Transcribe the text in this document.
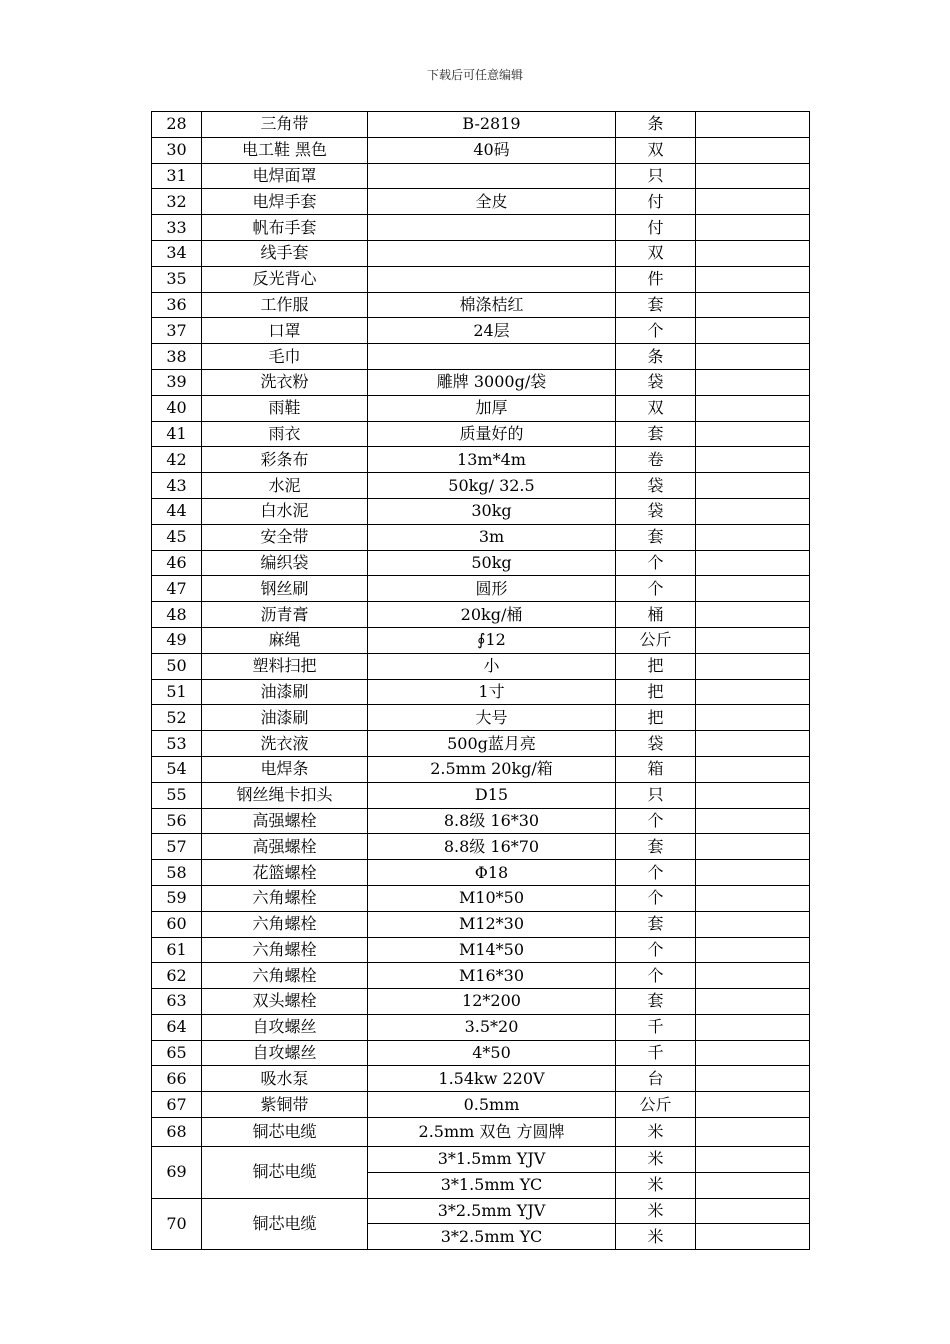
下载后可任意编辑
28	三角带	B-2819	条	
30	电工鞋 黑色	40码	双	
31	电焊面罩		只	
32	电焊手套	全皮	付	
33	帆布手套		付	
34	线手套		双	
35	反光背心		件	
36	工作服	棉涤桔红	套	
37	口罩	24层	个	
38	毛巾		条	
39	洗衣粉	雕牌 3000g/袋	袋	
40	雨鞋	加厚	双	
41	雨衣	质量好的	套	
42	彩条布	13m*4m	卷	
43	水泥	50kg/ 32.5	袋	
44	白水泥	30kg	袋	
45	安全带	3m	套	
46	编织袋	50kg	个	
47	钢丝刷	圆形	个	
48	沥青膏	20kg/桶	桶	
49	麻绳	∮12	公斤	
50	塑料扫把	小	把	
51	油漆刷	1寸	把	
52	油漆刷	大号	把	
53	洗衣液	500g蓝月亮	袋	
54	电焊条	2.5mm 20kg/箱	箱	
55	钢丝绳卡扣头	D15	只	
56	高强螺栓	8.8级 16*30	个	
57	高强螺栓	8.8级 16*70	套	
58	花篮螺栓	Φ18	个	
59	六角螺栓	M10*50	个	
60	六角螺栓	M12*30	套	
61	六角螺栓	M14*50	个	
62	六角螺栓	M16*30	个	
63	双头螺栓	12*200	套	
64	自攻螺丝	3.5*20	千	
65	自攻螺丝	4*50	千	
66	吸水泵	1.54kw 220V	台	
67	紫铜带	0.5mm	公斤	
68	铜芯电缆	2.5mm 双色 方圆牌	米	
69	铜芯电缆	3*1.5mm YJV	米	
		3*1.5mm YC	米	
70	铜芯电缆	3*2.5mm YJV	米	
		3*2.5mm YC	米	
